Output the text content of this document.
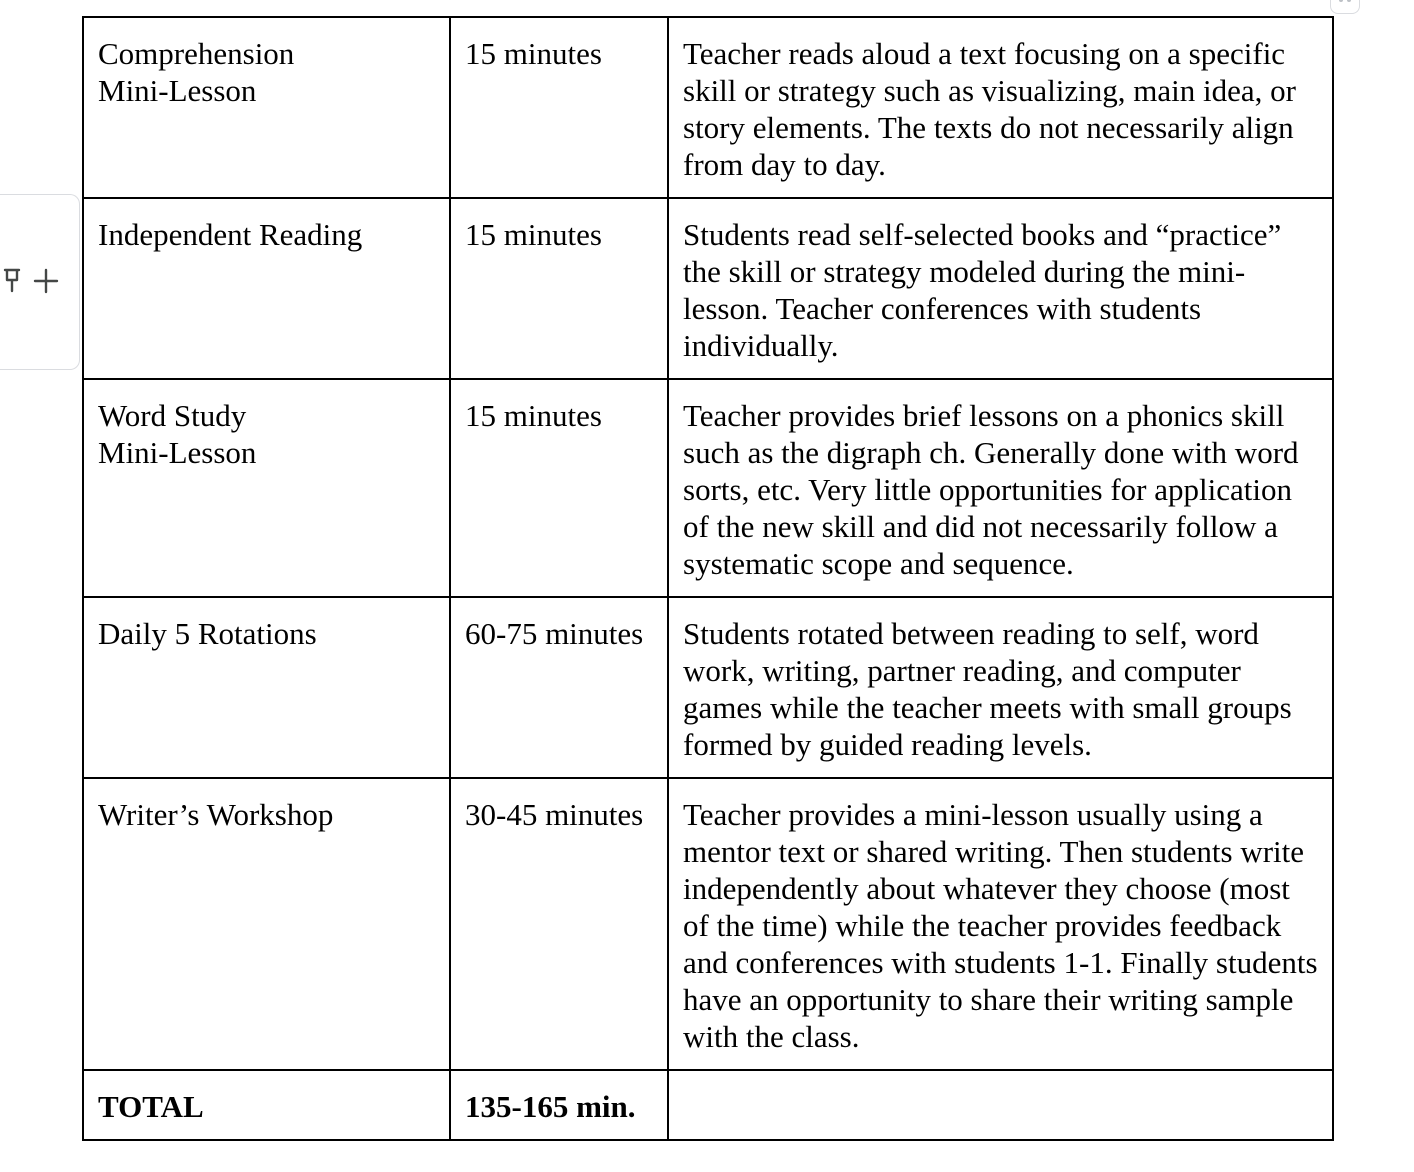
Comprehension
Mini-Lesson	15 minutes	Teacher reads aloud a text focusing on a specific skill or strategy such as visualizing, main idea, or story elements. The texts do not necessarily align from day to day.
Independent Reading	15 minutes	Students read self-selected books and “practice” the skill or strategy modeled during the mini-lesson. Teacher conferences with students individually.
Word Study
Mini-Lesson	15 minutes	Teacher provides brief lessons on a phonics skill such as the digraph ch. Generally done with word sorts, etc. Very little opportunities for application of the new skill and did not necessarily follow a systematic scope and sequence.
Daily 5 Rotations	60-75 minutes	Students rotated between reading to self, word work, writing, partner reading, and computer games while the teacher meets with small groups formed by guided reading levels.
Writer’s Workshop	30-45 minutes	Teacher provides a mini-lesson usually using a mentor text or shared writing. Then students write independently about whatever they choose (most of the time) while the teacher provides feedback and conferences with students 1-1. Finally students have an opportunity to share their writing sample with the class.
TOTAL	135-165 min.	
